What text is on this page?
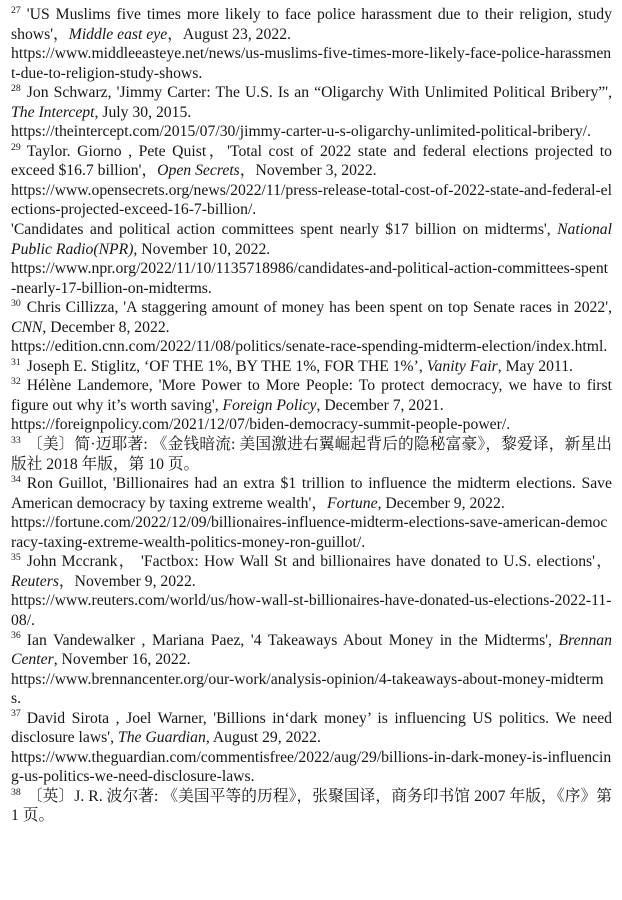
$^{27}$ 'US Muslims five times more likely to face police harassment due to their religion, study shows'，Middle east eye，August 23, 2022.
https://www.middleeasteye.net/news/us-muslims-five-times-more-likely-face-police-harassment-due-to-religion-study-shows.

$^{28}$ Jon Schwarz, 'Jimmy Carter: The U.S. Is an “Oligarchy With Unlimited Political Bribery”', The Intercept, July 30, 2015.
https://theintercept.com/2015/07/30/jimmy-carter-u-s-oligarchy-unlimited-political-bribery/.

$^{29}$ Taylor. Giorno , Pete Quist，'Total cost of 2022 state and federal elections projected to exceed $16.7 billion'，Open Secrets，November 3, 2022.
https://www.opensecrets.org/news/2022/11/press-release-total-cost-of-2022-state-and-federal-elections-projected-exceed-16-7-billion/.
'Candidates and political action committees spent nearly $17 billion on midterms', National Public Radio(NPR), November 10, 2022.
https://www.npr.org/2022/11/10/1135718986/candidates-and-political-action-committees-spent-nearly-17-billion-on-midterms.

$^{30}$ Chris Cillizza, 'A staggering amount of money has been spent on top Senate races in 2022', CNN, December 8, 2022.
https://edition.cnn.com/2022/11/08/politics/senate-race-spending-midterm-election/index.html.

$^{31}$ Joseph E. Stiglitz, ‘OF THE 1%, BY THE 1%, FOR THE 1%’, Vanity Fair, May 2011.

$^{32}$ Hélène Landemore, 'More Power to More People: To protect democracy, we have to first figure out why it’s worth saving', Foreign Policy, December 7, 2021.
https://foreignpolicy.com/2021/12/07/biden-democracy-summit-people-power/.

$^{33}$ 〔美〕简·迈耶著: 《金钱暗流: 美国激进右翼崛起背后的隐秘富豪》，黎爱译，新星出版社 2018 年版，第 10 页。

$^{34}$ Ron Guillot, 'Billionaires had an extra $1 trillion to influence the midterm elections. Save American democracy by taxing extreme wealth'，Fortune, December 9, 2022.
https://fortune.com/2022/12/09/billionaires-influence-midterm-elections-save-american-democracy-taxing-extreme-wealth-politics-money-ron-guillot/.

$^{35}$ John Mccrank， 'Factbox: How Wall St and billionaires have donated to U.S. elections'，Reuters，November 9, 2022.
https://www.reuters.com/world/us/how-wall-st-billionaires-have-donated-us-elections-2022-11-08/.

$^{36}$ Ian Vandewalker , Mariana Paez, '4 Takeaways About Money in the Midterms', Brennan Center, November 16, 2022.
https://www.brennancenter.org/our-work/analysis-opinion/4-takeaways-about-money-midterms.

$^{37}$ David Sirota , Joel Warner, 'Billions in‘dark money’ is influencing US politics. We need disclosure laws', The Guardian, August 29, 2022.
https://www.theguardian.com/commentisfree/2022/aug/29/billions-in-dark-money-is-influencing-us-politics-we-need-disclosure-laws.

$^{38}$ 〔英〕J. R. 波尔著: 《美国平等的历程》，张聚国译，商务印书馆 2007 年版，《序》第 1 页。
